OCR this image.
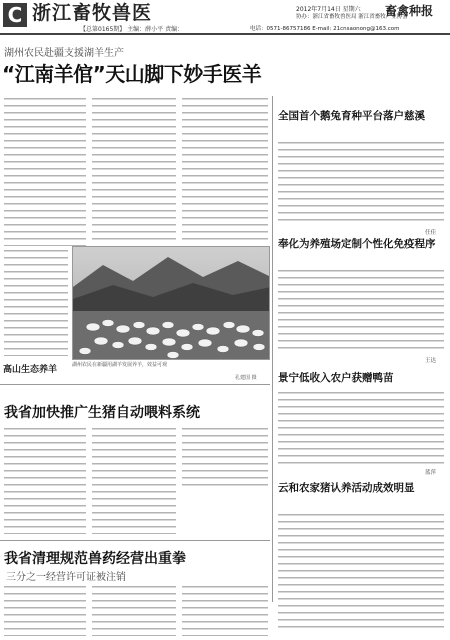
C 浙江畜牧兽医
【总第0165期】 主编：薛小平 责编：
2012年7月14日 星期六 畜禽种报
协办：浙江省畜牧兽医局 浙江省畜牧产业协会
电话：0571-86757186 E-mail: 21cnsaonong@163.com
湖州农民赴疆支援湖羊生产
“江南羊倌”天山脚下妙手医羊
高山生态养羊	湖州农民在新疆用湖羊发展养羊，效益可观
孔建国 摄
全国首个鹅兔育种平台落户慈溪
任佳
奉化为养殖场定制个性化免疫程序
王达
景宁低收入农户获赠鸭苗
蓝萍
云和农家猪认养活动成效明显
我省加快推广生猪自动喂料系统
我省清理规范兽药经营出重拳
三分之一经营许可证被注销
